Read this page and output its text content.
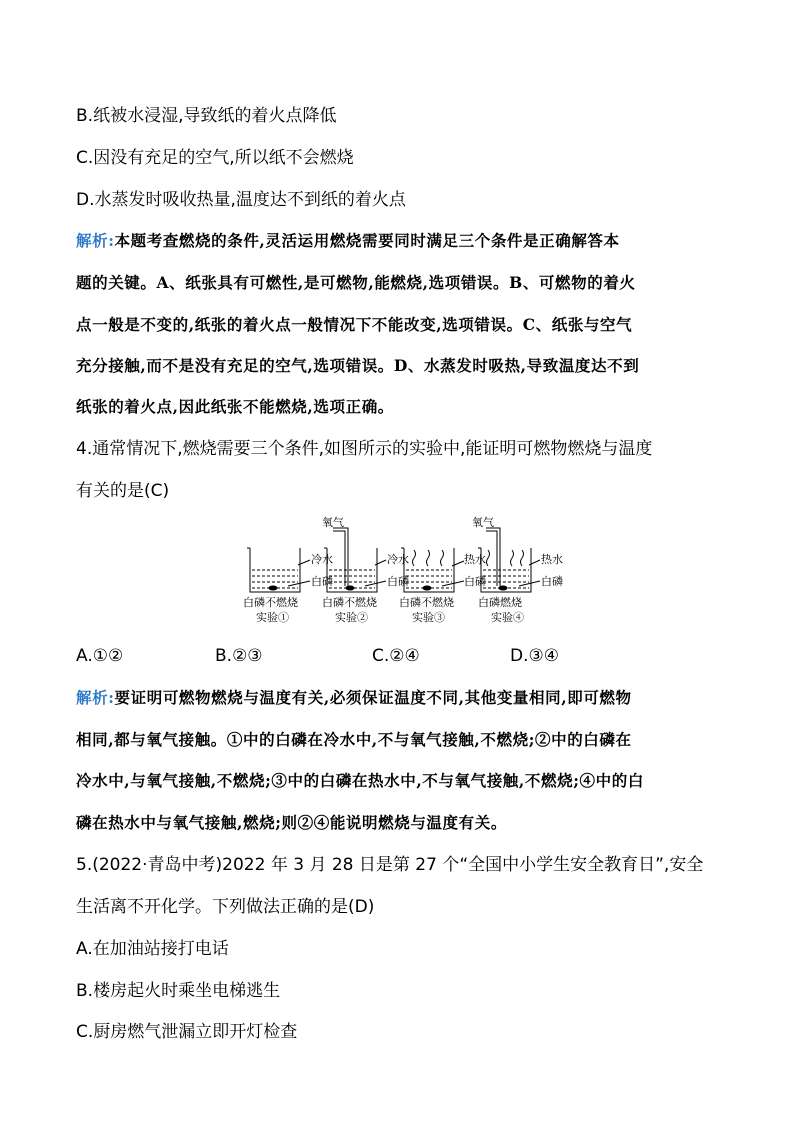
B.纸被水浸湿,导致纸的着火点降低
C.因没有充足的空气,所以纸不会燃烧
D.水蒸发时吸收热量,温度达不到纸的着火点
解析:本题考查燃烧的条件,灵活运用燃烧需要同时满足三个条件是正确解答本
题的关键。A、纸张具有可燃性,是可燃物,能燃烧,选项错误。B、可燃物的着火
点一般是不变的,纸张的着火点一般情况下不能改变,选项错误。C、纸张与空气
充分接触,而不是没有充足的空气,选项错误。D、水蒸发时吸热,导致温度达不到
纸张的着火点,因此纸张不能燃烧,选项正确。
4.通常情况下,燃烧需要三个条件,如图所示的实验中,能证明可燃物燃烧与温度
有关的是(C)
氧气	氧气
冷水
白磷
冷水
白磷
热水
白磷
热水
白磷
白磷不燃烧 白磷不燃烧 白磷不燃烧 白磷燃烧
实验①	实验②	实验③	实验④
A.①②	B.②③	C.②④	D.③④
解析:要证明可燃物燃烧与温度有关,必须保证温度不同,其他变量相同,即可燃物
相同,都与氧气接触。①中的白磷在冷水中,不与氧气接触,不燃烧;②中的白磷在
冷水中,与氧气接触,不燃烧;③中的白磷在热水中,不与氧气接触,不燃烧;④中的白
磷在热水中与氧气接触,燃烧;则②④能说明燃烧与温度有关。
5.(2022·青岛中考)2022 年 3 月 28 日是第 27 个“全国中小学生安全教育日”,安全
生活离不开化学。下列做法正确的是(D)
A.在加油站接打电话
B.楼房起火时乘坐电梯逃生
C.厨房燃气泄漏立即开灯检查
